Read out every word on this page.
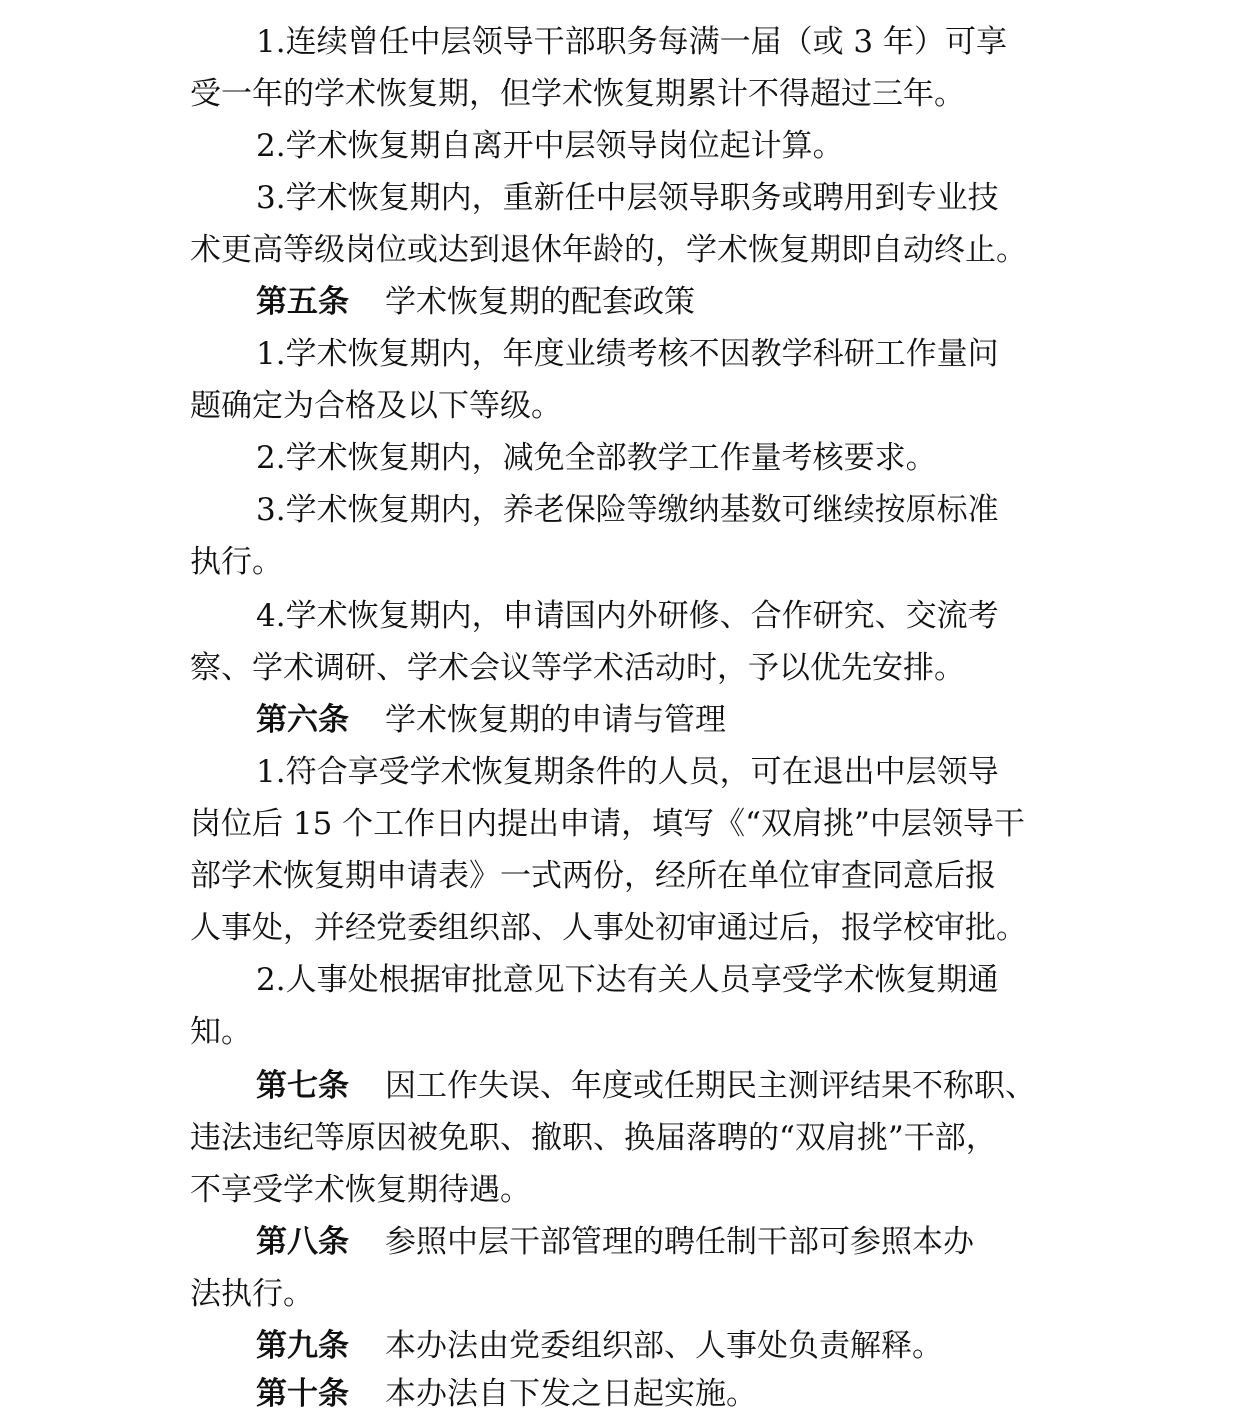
1.连续曾任中层领导干部职务每满一届（或 3 年）可享
受一年的学术恢复期，但学术恢复期累计不得超过三年。
2.学术恢复期自离开中层领导岗位起计算。
3.学术恢复期内，重新任中层领导职务或聘用到专业技
术更高等级岗位或达到退休年龄的，学术恢复期即自动终止。
第五条 学术恢复期的配套政策
1.学术恢复期内，年度业绩考核不因教学科研工作量问
题确定为合格及以下等级。
2.学术恢复期内，减免全部教学工作量考核要求。
3.学术恢复期内，养老保险等缴纳基数可继续按原标准
执行。
4.学术恢复期内，申请国内外研修、合作研究、交流考
察、学术调研、学术会议等学术活动时，予以优先安排。
第六条 学术恢复期的申请与管理
1.符合享受学术恢复期条件的人员，可在退出中层领导
岗位后 15 个工作日内提出申请，填写《“双肩挑”中层领导干
部学术恢复期申请表》一式两份，经所在单位审查同意后报
人事处，并经党委组织部、人事处初审通过后，报学校审批。
2.人事处根据审批意见下达有关人员享受学术恢复期通
知。
第七条 因工作失误、年度或任期民主测评结果不称职、
违法违纪等原因被免职、撤职、换届落聘的“双肩挑”干部，
不享受学术恢复期待遇。
第八条 参照中层干部管理的聘任制干部可参照本办
法执行。
第九条 本办法由党委组织部、人事处负责解释。
第十条 本办法自下发之日起实施。
